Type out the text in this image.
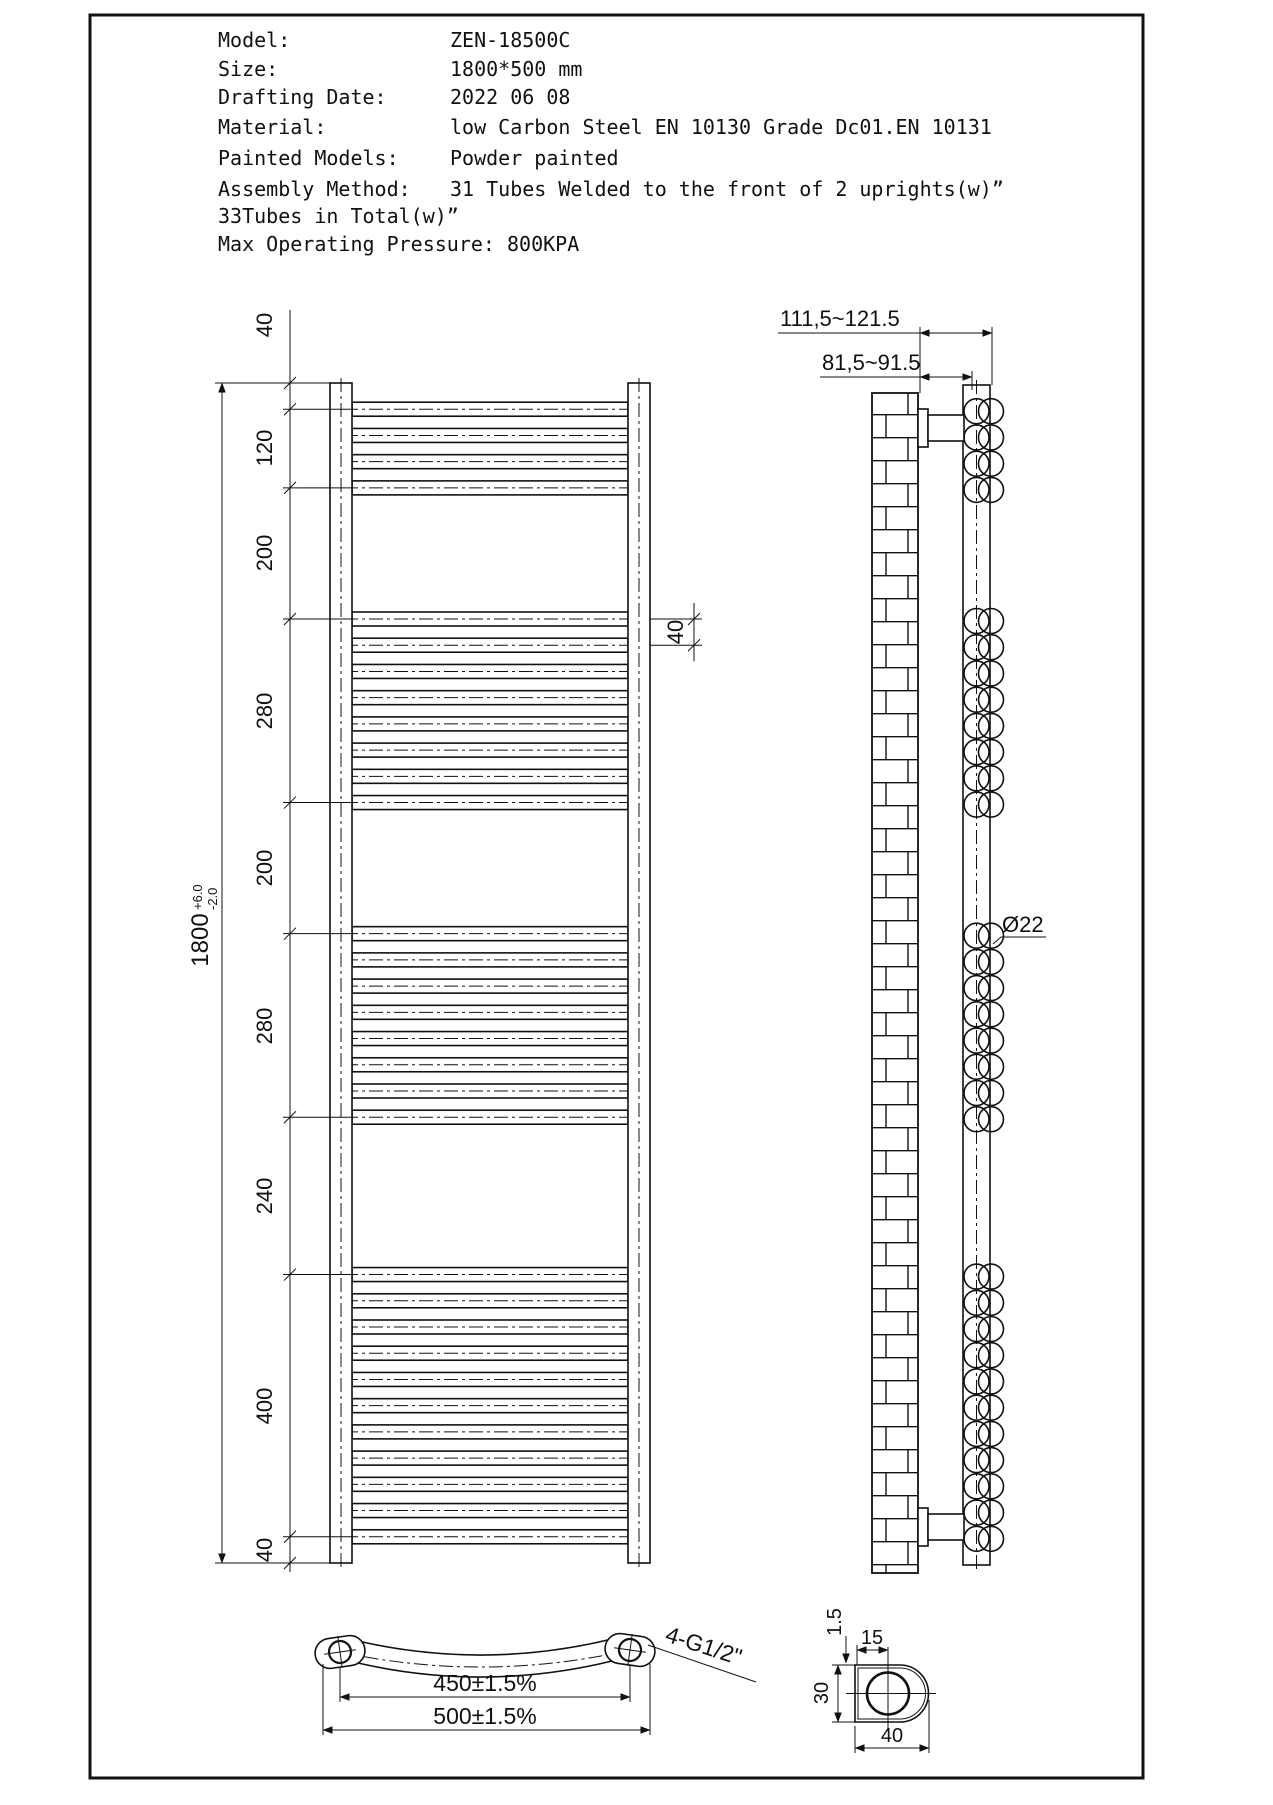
Model:	ZEN-18500C
Size:	1800*500 mm
Drafting Date:	2022 06 08
Material:	low Carbon Steel EN 10130 Grade Dc01.EN 10131
Painted Models:	Powder painted
Assembly Method: 31 Tubes Welded to the front of 2 uprights(w)”
33Tubes in Total(w)”
Max Operating Pressure: 800KPA
1800
+6.0 -2.0
40
120
200
280
200
280
240
400
40
40
111,5~121.5
81,5~91.5
Ø22
4-G1/2"
450±1.5%
500±1.5%
15
1.5
30
40
